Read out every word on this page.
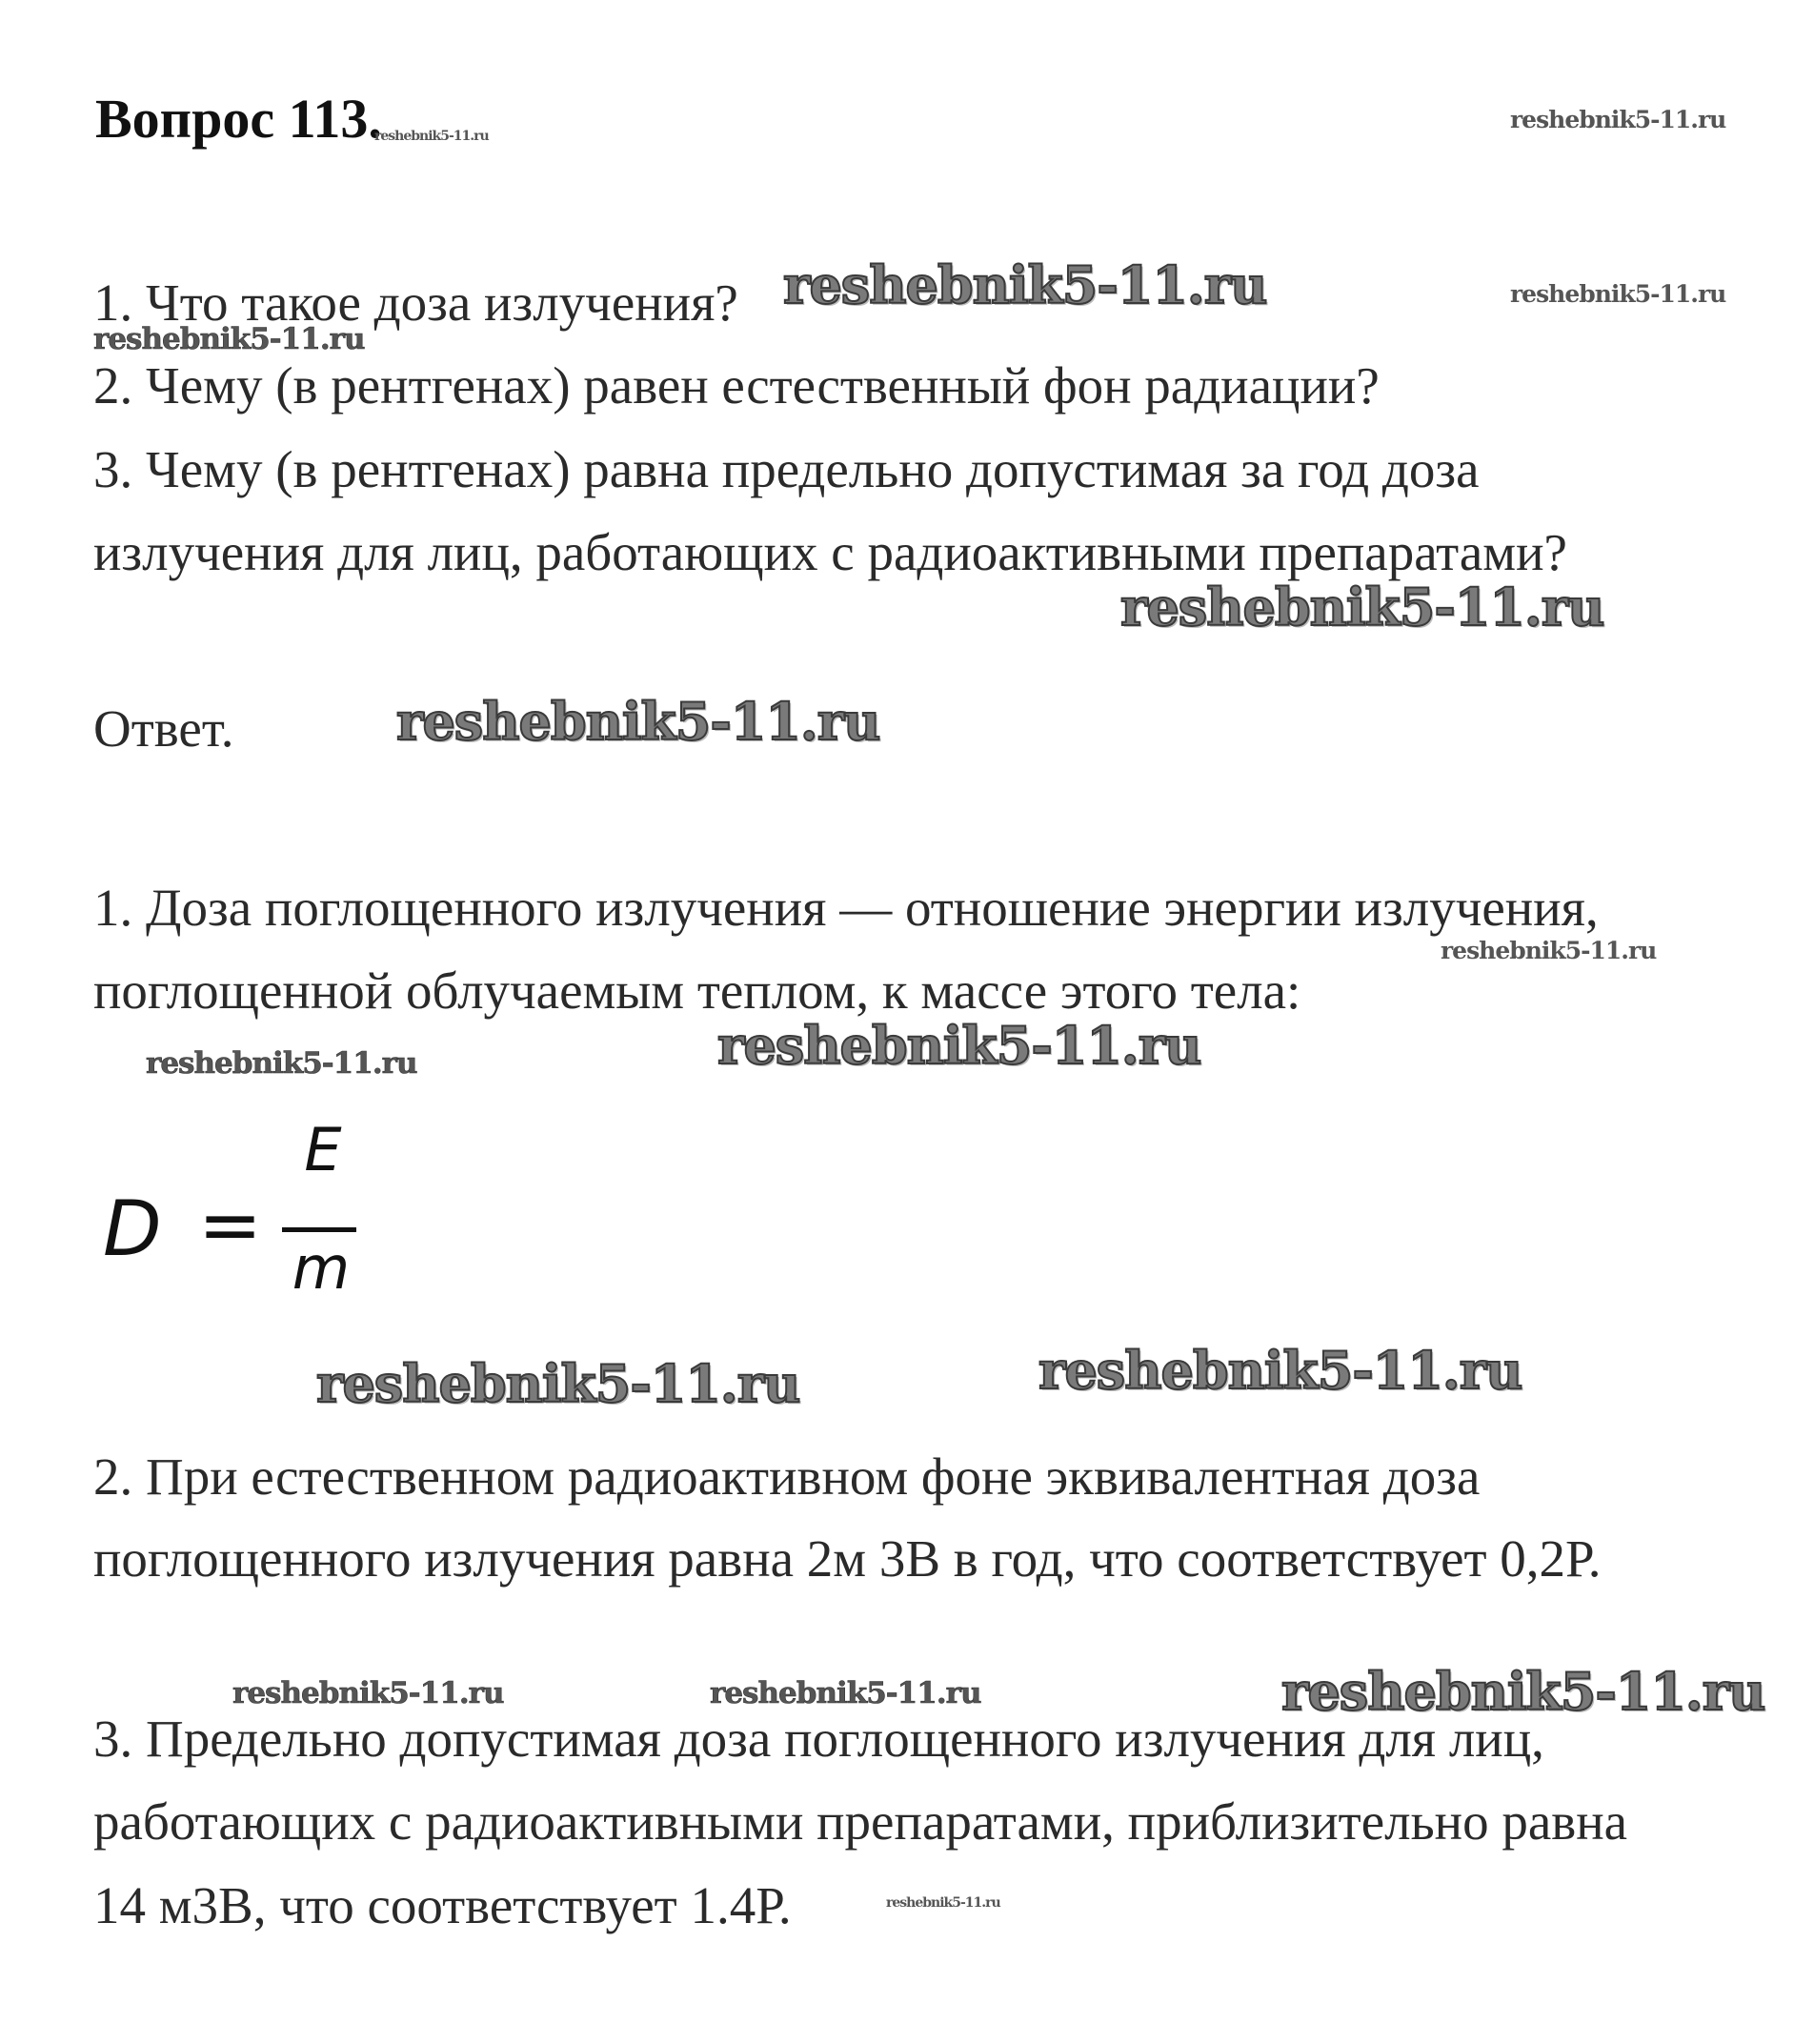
Вопрос 113.
reshebnik5-11.ru
reshebnik5-11.ru
1. Что такое доза излучения? reshebnik5-11.ru	reshebnik5-11.ru
reshebnik5-11.ru
2. Чему (в рентгенах) равен естественный фон радиации?
3. Чему (в рентгенах) равна предельно допустимая за год доза
излучения для лиц, работающих с радиоактивными препаратами?
reshebnik5-11.ru
Ответ.	reshebnik5-11.ru
1. Доза поглощенного излучения — отношение энергии излучения,
reshebnik5-11.ru
поглощенной облучаемым теплом, к массе этого тела:
reshebnik5-11.ru
reshebnik5-11.ru
D =
E
m
reshebnik5-11.ru	reshebnik5-11.ru
2. При естественном радиоактивном фоне эквивалентная доза
поглощенного излучения равна 2м 3В в год, что соответствует 0,2Р.
reshebnik5-11.ru	reshebnik5-11.ru	reshebnik5-11.ru
3. Предельно допустимая доза поглощенного излучения для лиц,
работающих с радиоактивными препаратами, приблизительно равна
14 м3В, что соответствует 1.4Р.	reshebnik5-11.ru
